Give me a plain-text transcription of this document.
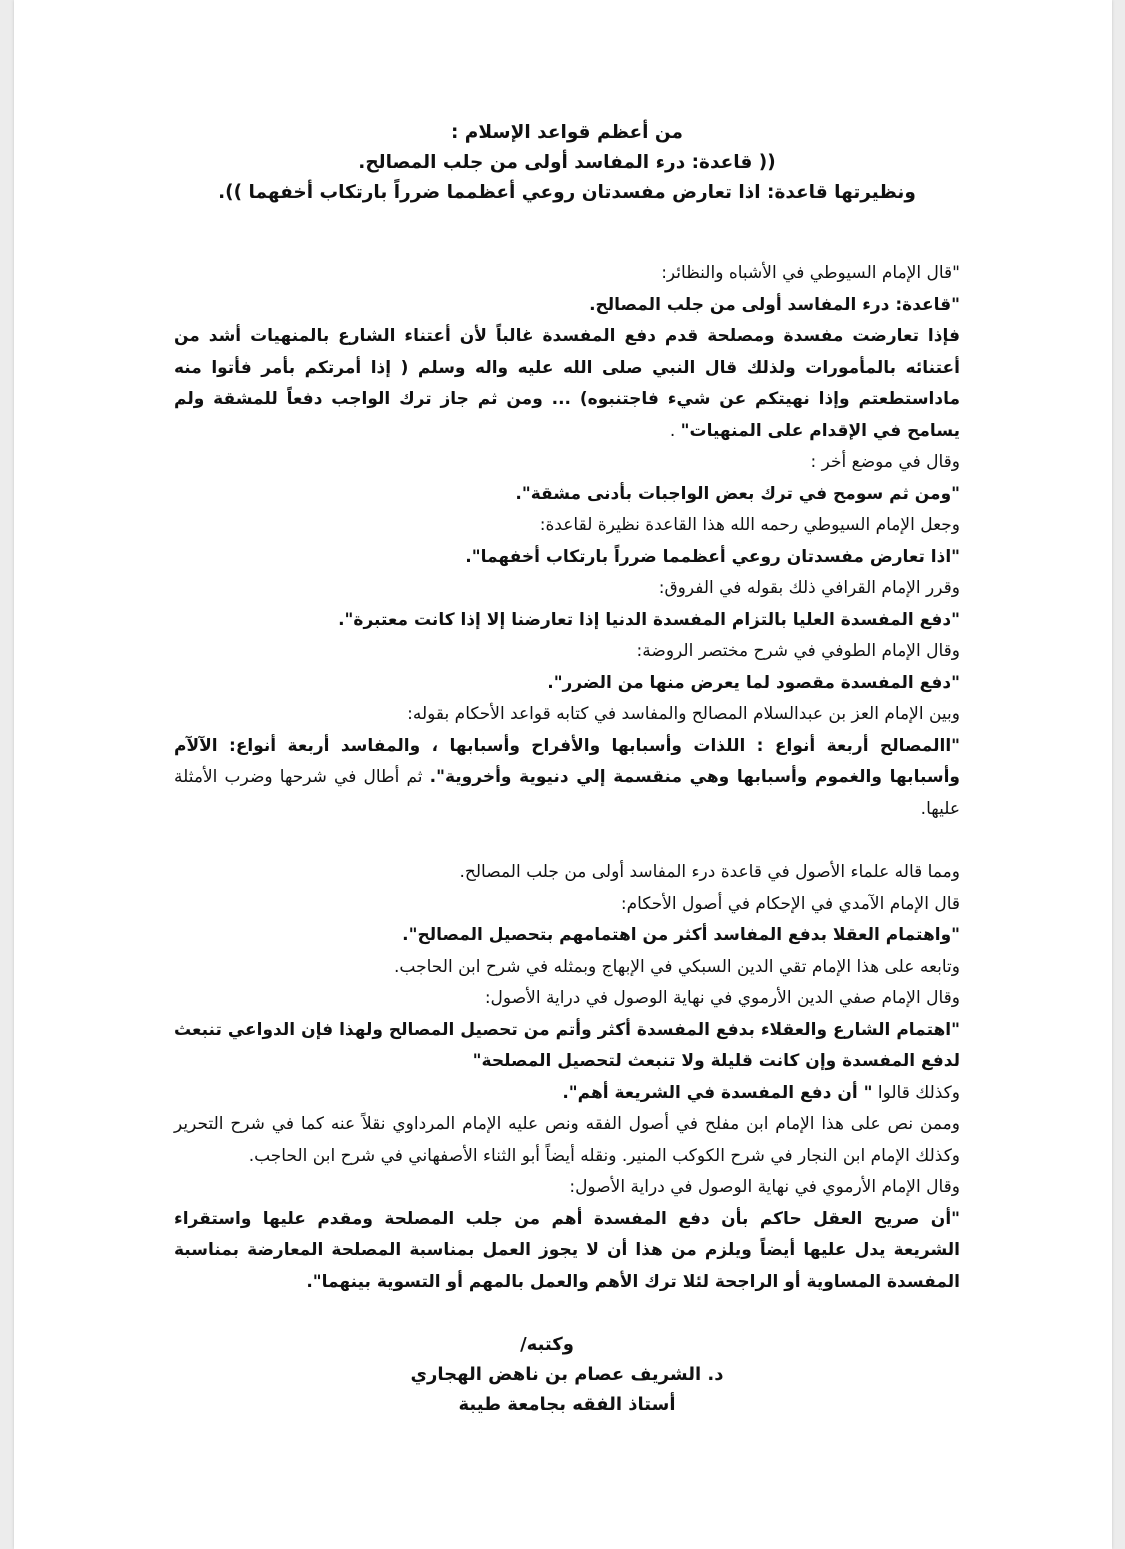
من أعظم قواعد الإسلام :
(( قاعدة: درء المفاسد أولى من جلب المصالح.
ونظيرتها قاعدة: اذا تعارض مفسدتان روعي أعظمما ضرراً بارتكاب أخفهما )).

"قال الإمام السيوطي في الأشباه والنظائر:

"قاعدة: درء المفاسد أولى من جلب المصالح.

فإذا تعارضت مفسدة ومصلحة قدم دفع المفسدة غالباً لأن أعتناء الشارع بالمنهيات أشد من أعتنائه بالمأمورات ولذلك قال النبي صلى الله عليه واله وسلم ( إذا أمرتكم بأمر فأتوا منه ماداستطعتم وإذا نهيتكم عن شيء فاجتنبوه) ... ومن ثم جاز ترك الواجب دفعاً للمشقة ولم يسامح في الإقدام على المنهيات" .

وقال في موضع أخر :

"ومن ثم سومح في ترك بعض الواجبات بأدنى مشقة".

وجعل الإمام السيوطي رحمه الله هذا القاعدة نظيرة لقاعدة:

"اذا تعارض مفسدتان روعي أعظمما ضرراً بارتكاب أخفهما".

وقرر الإمام القرافي ذلك بقوله في الفروق:

"دفع المفسدة العليا بالتزام المفسدة الدنيا إذا تعارضنا إلا إذا كانت معتبرة".

وقال الإمام الطوفي في شرح مختصر الروضة:

"دفع المفسدة مقصود لما يعرض منها من الضرر".

وبين الإمام العز بن عبدالسلام المصالح والمفاسد في كتابه قواعد الأحكام بقوله:

"االمصالح أربعة أنواع : اللذات وأسبابها والأفراح وأسبابها ، والمفاسد أربعة أنواع: الآلآم وأسبابها والغموم وأسبابها وهي منقسمة إلي دنيوية وأخروية". ثم أطال في شرحها وضرب الأمثلة عليها.

ومما قاله علماء الأصول في قاعدة درء المفاسد أولى من جلب المصالح.

قال الإمام الآمدي في الإحكام في أصول الأحكام:

"واهتمام العقلا بدفع المفاسد أكثر من اهتمامهم بتحصيل المصالح".

وتابعه على هذا الإمام تقي الدين السبكي في الإبهاج وبمثله في شرح ابن الحاجب.

وقال الإمام صفي الدين الأرموي في نهاية الوصول في دراية الأصول:

"اهتمام الشارع والعقلاء بدفع المفسدة أكثر وأتم من تحصيل المصالح ولهذا فإن الدواعي تنبعث لدفع المفسدة وإن كانت قليلة ولا تنبعث لتحصيل المصلحة"

وكذلك قالوا " أن دفع المفسدة في الشريعة أهم".

وممن نص على هذا الإمام ابن مفلح في أصول الفقه ونص عليه الإمام المرداوي نقلاً عنه كما في شرح التحرير وكذلك الإمام ابن النجار في شرح الكوكب المنير. ونقله أيضاً أبو الثناء الأصفهاني في شرح ابن الحاجب.

وقال الإمام الأرموي في نهاية الوصول في دراية الأصول:

"أن صريح العقل حاكم بأن دفع المفسدة أهم من جلب المصلحة ومقدم عليها واستقراء الشريعة يدل عليها أيضاً ويلزم من هذا أن لا يجوز العمل بمناسبة المصلحة المعارضة بمناسبة المفسدة المساوية أو الراجحة لئلا ترك الأهم والعمل بالمهم أو التسوية بينهما".

وكتبه/
د. الشريف عصام بن ناهض الهجاري
أستاذ الفقه بجامعة طيبة
